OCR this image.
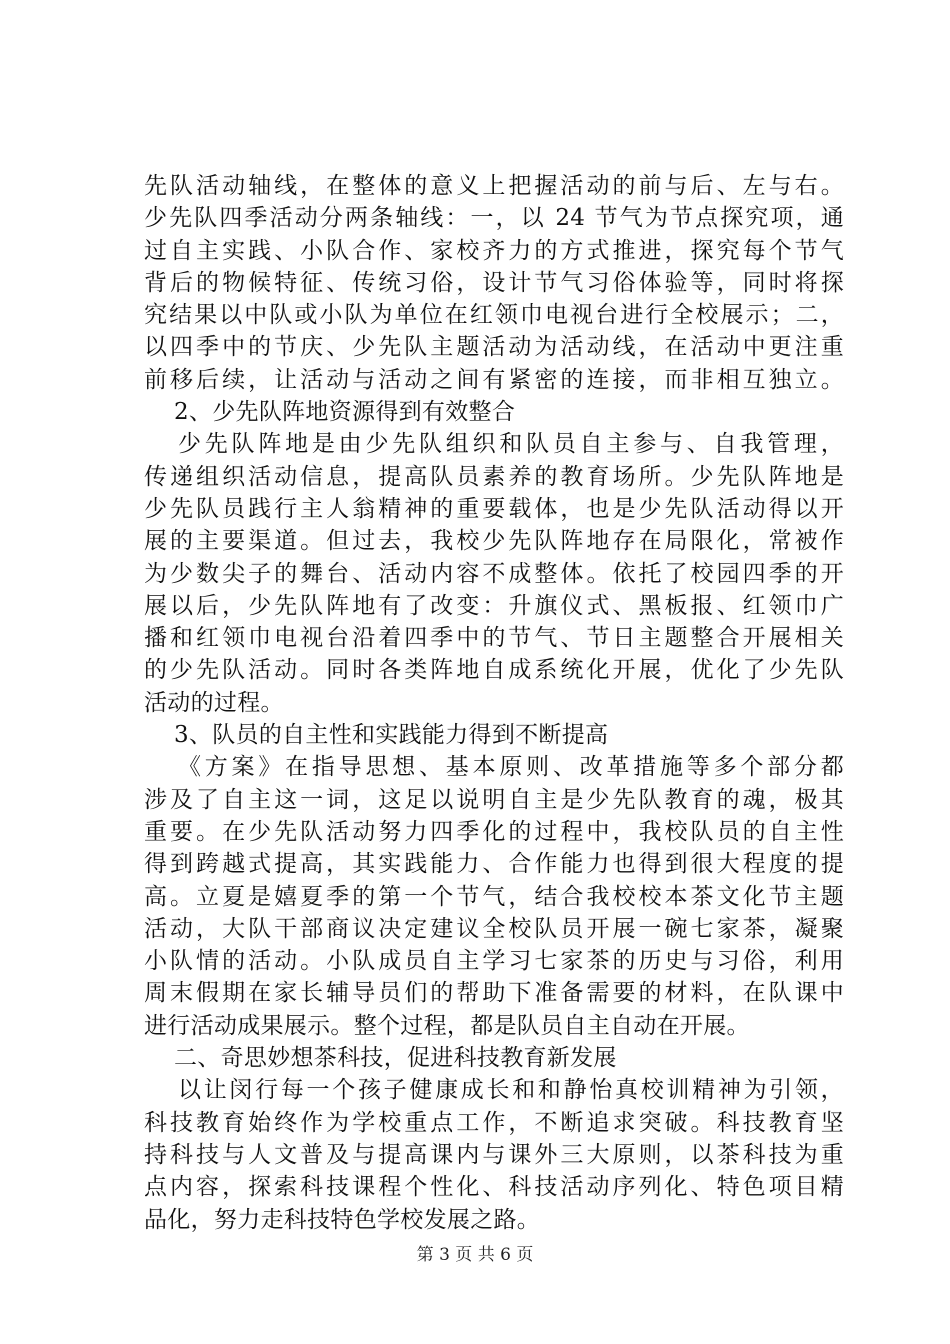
先队活动轴线，在整体的意义上把握活动的前与后、左与右。
少先队四季活动分两条轴线：一，以 24 节气为节点探究项，通
过自主实践、小队合作、家校齐力的方式推进，探究每个节气
背后的物候特征、传统习俗，设计节气习俗体验等，同时将探
究结果以中队或小队为单位在红领巾电视台进行全校展示；二，
以四季中的节庆、少先队主题活动为活动线，在活动中更注重
前移后续，让活动与活动之间有紧密的连接，而非相互独立。
2、少先队阵地资源得到有效整合
少先队阵地是由少先队组织和队员自主参与、自我管理，
传递组织活动信息，提高队员素养的教育场所。少先队阵地是
少先队员践行主人翁精神的重要载体，也是少先队活动得以开
展的主要渠道。但过去，我校少先队阵地存在局限化，常被作
为少数尖子的舞台、活动内容不成整体。依托了校园四季的开
展以后，少先队阵地有了改变：升旗仪式、黑板报、红领巾广
播和红领巾电视台沿着四季中的节气、节日主题整合开展相关
的少先队活动。同时各类阵地自成系统化开展，优化了少先队
活动的过程。
3、队员的自主性和实践能力得到不断提高
《方案》在指导思想、基本原则、改革措施等多个部分都
涉及了自主这一词，这足以说明自主是少先队教育的魂，极其
重要。在少先队活动努力四季化的过程中，我校队员的自主性
得到跨越式提高，其实践能力、合作能力也得到很大程度的提
高。立夏是嬉夏季的第一个节气，结合我校校本茶文化节主题
活动，大队干部商议决定建议全校队员开展一碗七家茶，凝聚
小队情的活动。小队成员自主学习七家茶的历史与习俗，利用
周末假期在家长辅导员们的帮助下准备需要的材料，在队课中
进行活动成果展示。整个过程，都是队员自主自动在开展。
二、奇思妙想茶科技，促进科技教育新发展
以让闵行每一个孩子健康成长和和静怡真校训精神为引领，
科技教育始终作为学校重点工作，不断追求突破。科技教育坚
持科技与人文普及与提高课内与课外三大原则，以茶科技为重
点内容，探索科技课程个性化、科技活动序列化、特色项目精
品化，努力走科技特色学校发展之路。
第 3 页 共 6 页
